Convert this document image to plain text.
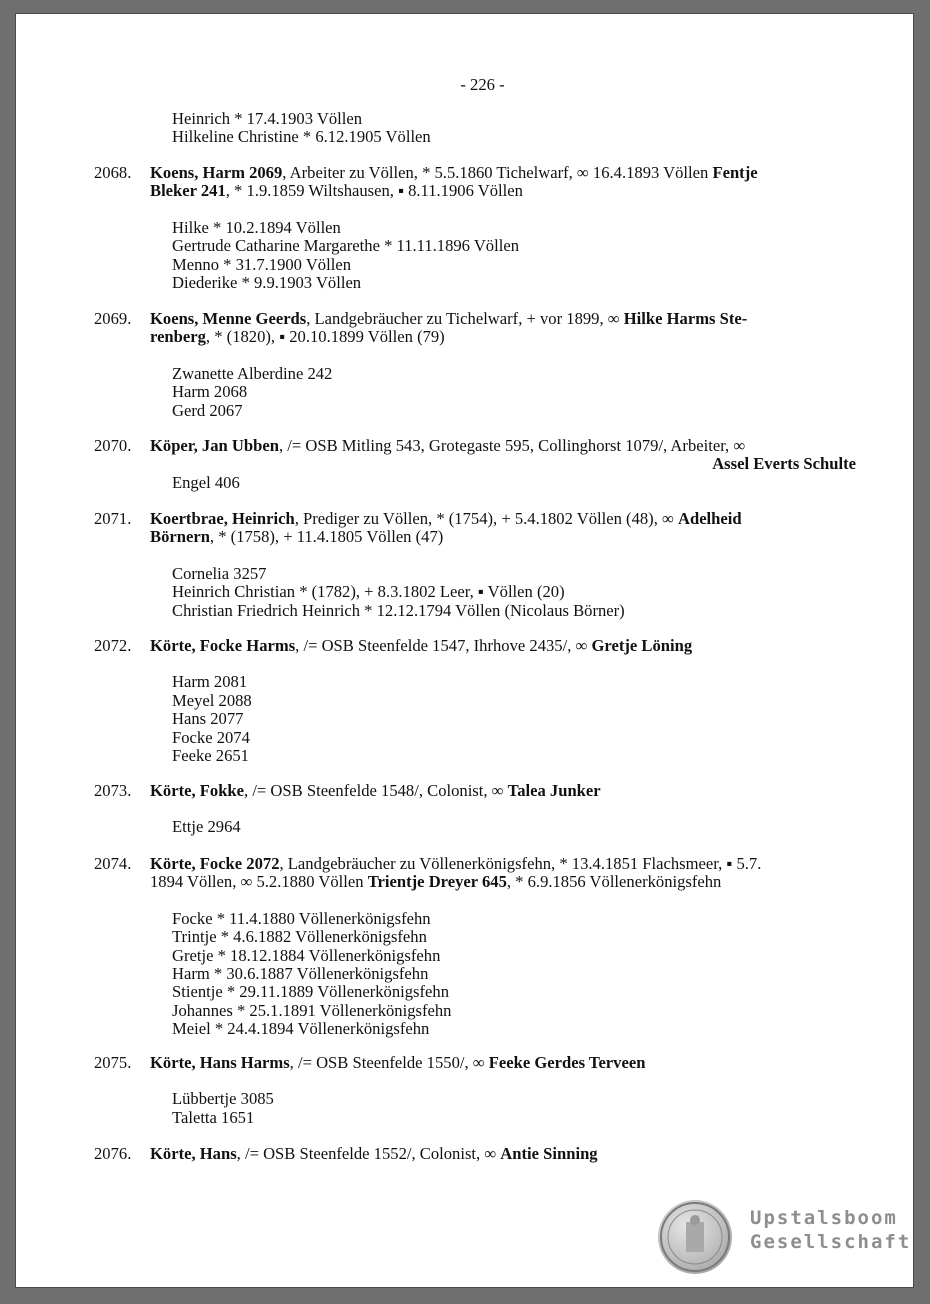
- 226 -
Heinrich * 17.4.1903 Völlen
Hilkeline Christine * 6.12.1905 Völlen
2068.	Koens, Harm 2069, Arbeiter zu Völlen, * 5.5.1860 Tichelwarf, ∞ 16.4.1893 Völlen Fentje
Bleker 241, * 1.9.1859 Wiltshausen, ▪ 8.11.1906 Völlen
Hilke * 10.2.1894 Völlen
Gertrude Catharine Margarethe * 11.11.1896 Völlen
Menno * 31.7.1900 Völlen
Diederike * 9.9.1903 Völlen
2069.	Koens, Menne Geerds, Landgebräucher zu Tichelwarf, + vor 1899, ∞ Hilke Harms Ste-
renberg, * (1820), ▪ 20.10.1899 Völlen (79)
Zwanette Alberdine 242
Harm 2068
Gerd 2067
2070.	Köper, Jan Ubben, /= OSB Mitling 543, Grotegaste 595, Collinghorst 1079/, Arbeiter, ∞
Assel Everts Schulte
Engel 406
2071.	Koertbrae, Heinrich, Prediger zu Völlen, * (1754), + 5.4.1802 Völlen (48), ∞ Adelheid
Börnern, * (1758), + 11.4.1805 Völlen (47)
Cornelia 3257
Heinrich Christian * (1782), + 8.3.1802 Leer, ▪ Völlen (20)
Christian Friedrich Heinrich * 12.12.1794 Völlen (Nicolaus Börner)
2072.	Körte, Focke Harms, /= OSB Steenfelde 1547, Ihrhove 2435/, ∞ Gretje Löning
Harm 2081
Meyel 2088
Hans 2077
Focke 2074
Feeke 2651
2073.	Körte, Fokke, /= OSB Steenfelde 1548/, Colonist, ∞ Talea Junker
Ettje 2964
2074.	Körte, Focke 2072, Landgebräucher zu Völlenerkönigsfehn, * 13.4.1851 Flachsmeer, ▪ 5.7.
1894 Völlen, ∞ 5.2.1880 Völlen Trientje Dreyer 645, * 6.9.1856 Völlenerkönigsfehn
Focke * 11.4.1880 Völlenerkönigsfehn
Trintje * 4.6.1882 Völlenerkönigsfehn
Gretje * 18.12.1884 Völlenerkönigsfehn
Harm * 30.6.1887 Völlenerkönigsfehn
Stientje * 29.11.1889 Völlenerkönigsfehn
Johannes * 25.1.1891 Völlenerkönigsfehn
Meiel * 24.4.1894 Völlenerkönigsfehn
2075.	Körte, Hans Harms, /= OSB Steenfelde 1550/, ∞ Feeke Gerdes Terveen
Lübbertje 3085
Taletta 1651
2076.	Körte, Hans, /= OSB Steenfelde 1552/, Colonist, ∞ Antie Sinning
Upstalsboom
Gesellschaft
